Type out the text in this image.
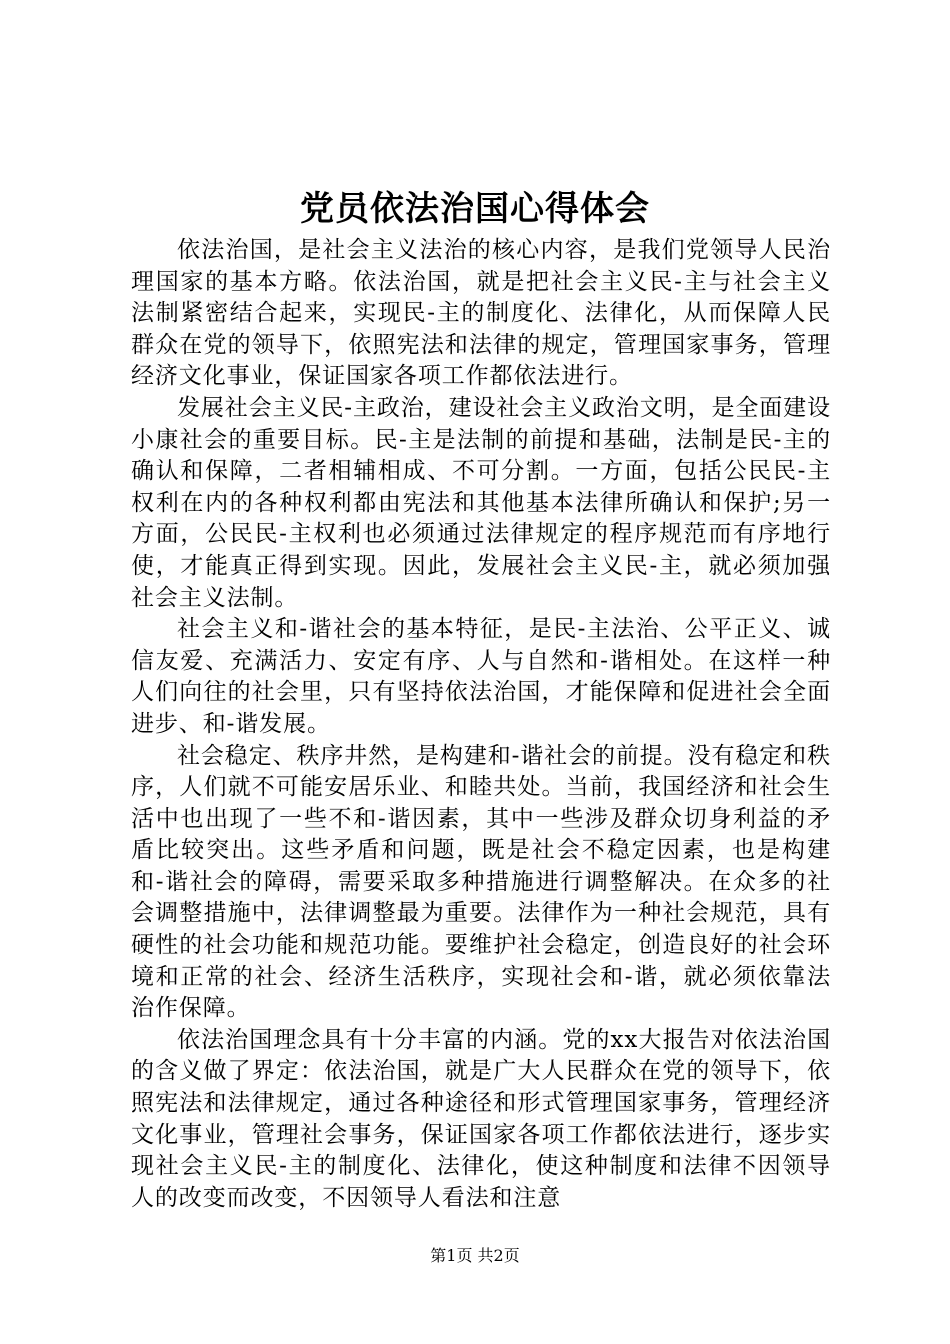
党员依法治国心得体会

依法治国，是社会主义法治的核心内容，是我们党领导人民治理国家的基本方略。依法治国，就是把社会主义民-主与社会主义法制紧密结合起来，实现民-主的制度化、法律化，从而保障人民群众在党的领导下，依照宪法和法律的规定，管理国家事务，管理经济文化事业，保证国家各项工作都依法进行。

发展社会主义民-主政治，建设社会主义政治文明，是全面建设小康社会的重要目标。民-主是法制的前提和基础，法制是民-主的确认和保障，二者相辅相成、不可分割。一方面，包括公民民-主权利在内的各种权利都由宪法和其他基本法律所确认和保护;另一方面，公民民-主权利也必须通过法律规定的程序规范而有序地行使，才能真正得到实现。因此，发展社会主义民-主，就必须加强社会主义法制。

社会主义和-谐社会的基本特征，是民-主法治、公平正义、诚信友爱、充满活力、安定有序、人与自然和-谐相处。在这样一种人们向往的社会里，只有坚持依法治国，才能保障和促进社会全面进步、和-谐发展。

社会稳定、秩序井然，是构建和-谐社会的前提。没有稳定和秩序，人们就不可能安居乐业、和睦共处。当前，我国经济和社会生活中也出现了一些不和-谐因素，其中一些涉及群众切身利益的矛盾比较突出。这些矛盾和问题，既是社会不稳定因素，也是构建和-谐社会的障碍，需要采取多种措施进行调整解决。在众多的社会调整措施中，法律调整最为重要。法律作为一种社会规范，具有硬性的社会功能和规范功能。要维护社会稳定，创造良好的社会环境和正常的社会、经济生活秩序，实现社会和-谐，就必须依靠法治作保障。

依法治国理念具有十分丰富的内涵。党的xx大报告对依法治国的含义做了界定：依法治国，就是广大人民群众在党的领导下，依照宪法和法律规定，通过各种途径和形式管理国家事务，管理经济文化事业，管理社会事务，保证国家各项工作都依法进行，逐步实现社会主义民-主的制度化、法律化，使这种制度和法律不因领导人的改变而改变，不因领导人看法和注意

第1页 共2页
